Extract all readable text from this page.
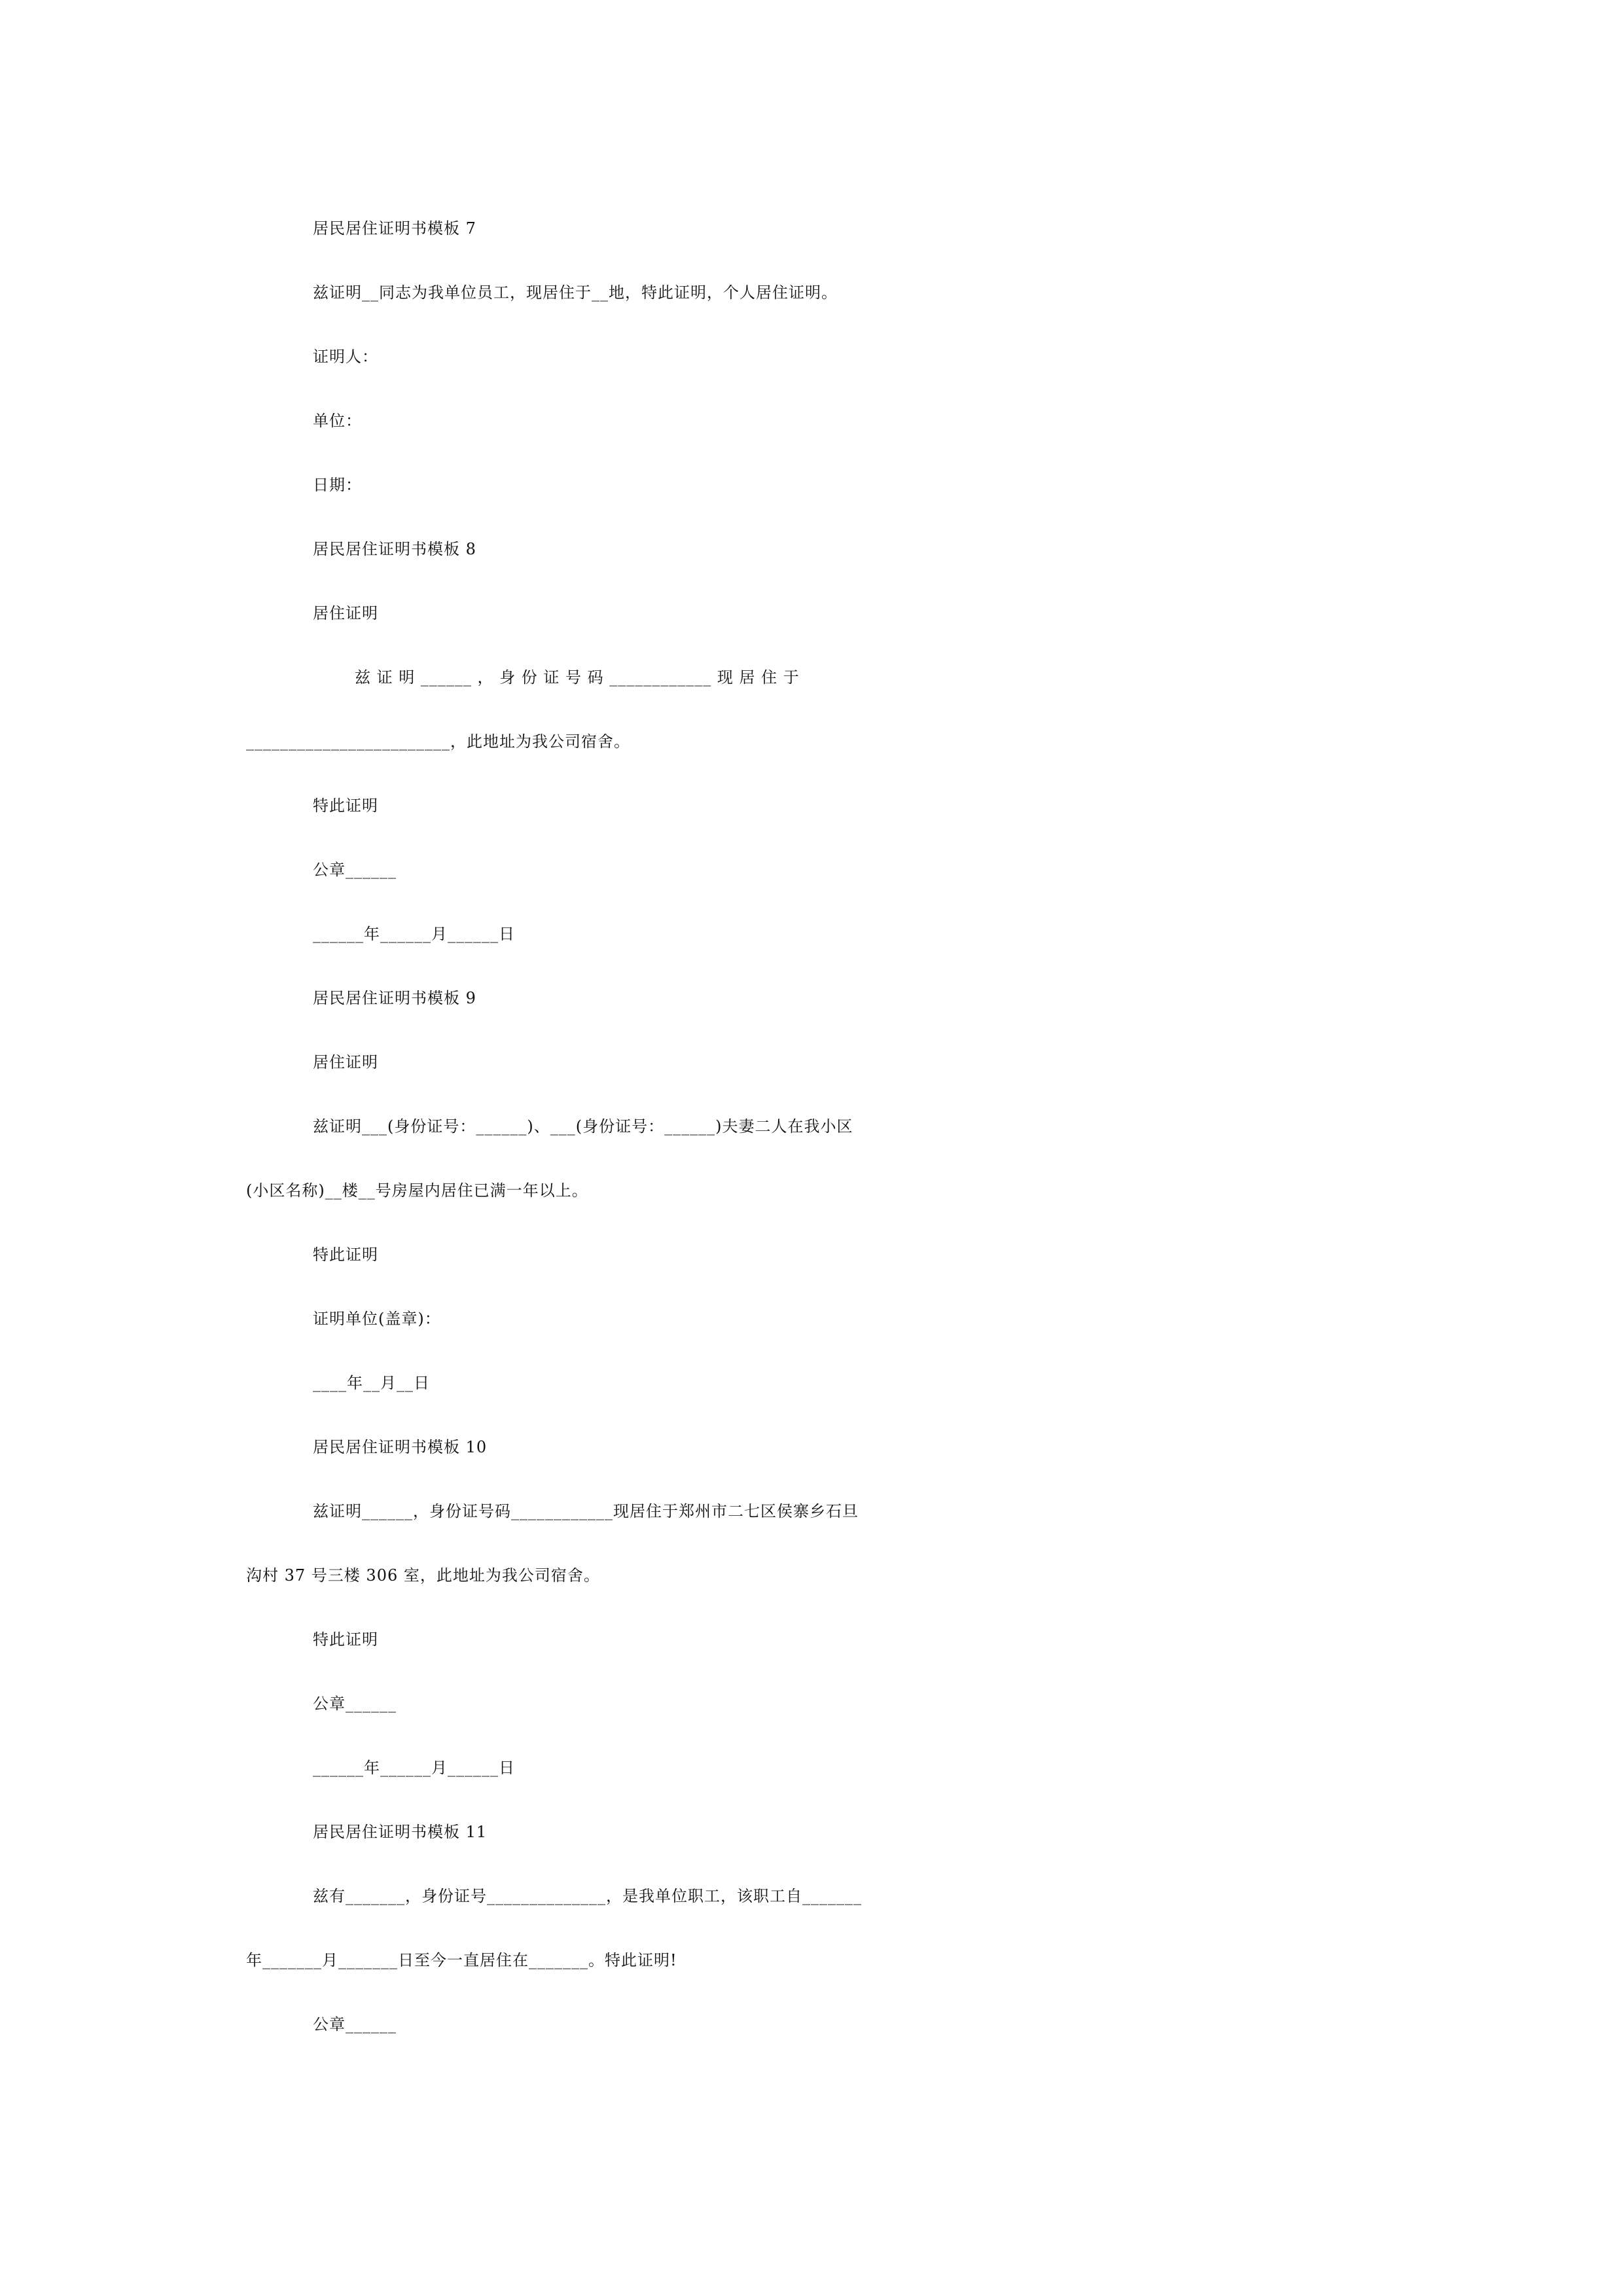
居民居住证明书模板 7
兹证明__同志为我单位员工，现居住于__地，特此证明，个人居住证明。
证明人：
单位：
日期：
居民居住证明书模板 8
居住证明
兹 证 明 ______ ， 身 份 证 号 码 ____________ 现 居 住 于
________________________，此地址为我公司宿舍。
特此证明
公章______
______年______月______日
居民居住证明书模板 9
居住证明
兹证明___(身份证号：______)、___(身份证号：______)夫妻二人在我小区
(小区名称)__楼__号房屋内居住已满一年以上。
特此证明
证明单位(盖章)：
____年__月__日
居民居住证明书模板 10
兹证明______，身份证号码____________现居住于郑州市二七区侯寨乡石旦
沟村 37 号三楼 306 室，此地址为我公司宿舍。
特此证明
公章______
______年______月______日
居民居住证明书模板 11
兹有_______，身份证号______________，是我单位职工，该职工自_______
年_______月_______日至今一直居住在_______。特此证明!
公章______
